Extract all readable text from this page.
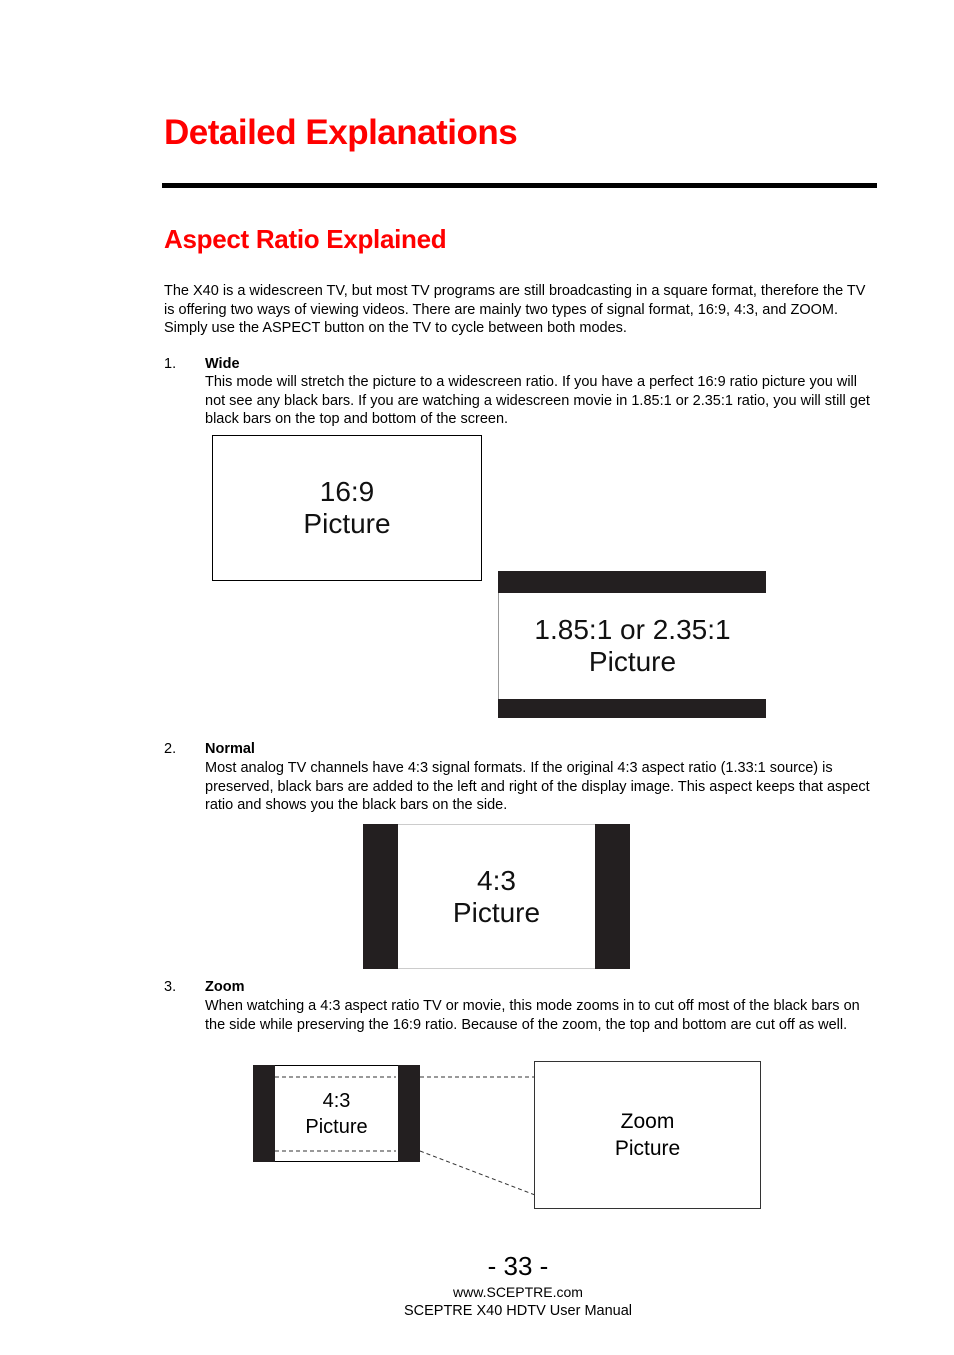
Detailed Explanations
Aspect Ratio Explained

The X40 is a widescreen TV, but most TV programs are still broadcasting in a square format, therefore the TV is offering two ways of viewing videos. There are mainly two types of signal format, 16:9, 4:3, and ZOOM. Simply use the ASPECT button on the TV to cycle between both modes.

1. Wide

This mode will stretch the picture to a widescreen ratio. If you have a perfect 16:9 ratio picture you will not see any black bars. If you are watching a widescreen movie in 1.85:1 or 2.35:1 ratio, you will still get black bars on the top and bottom of the screen.

16:9
Picture
1.85:1 or 2.35:1
Picture
2. Normal

Most analog TV channels have 4:3 signal formats. If the original 4:3 aspect ratio (1.33:1 source) is preserved, black bars are added to the left and right of the display image. This aspect keeps that aspect ratio and shows you the black bars on the side.

4:3
Picture
3. Zoom

When watching a 4:3 aspect ratio TV or movie, this mode zooms in to cut off most of the black bars on the side while preserving the 16:9 ratio. Because of the zoom, the top and bottom are cut off as well.

4:3
Picture	Zoom
Picture
- 33 -
www.SCEPTRE.com
SCEPTRE X40 HDTV User Manual
